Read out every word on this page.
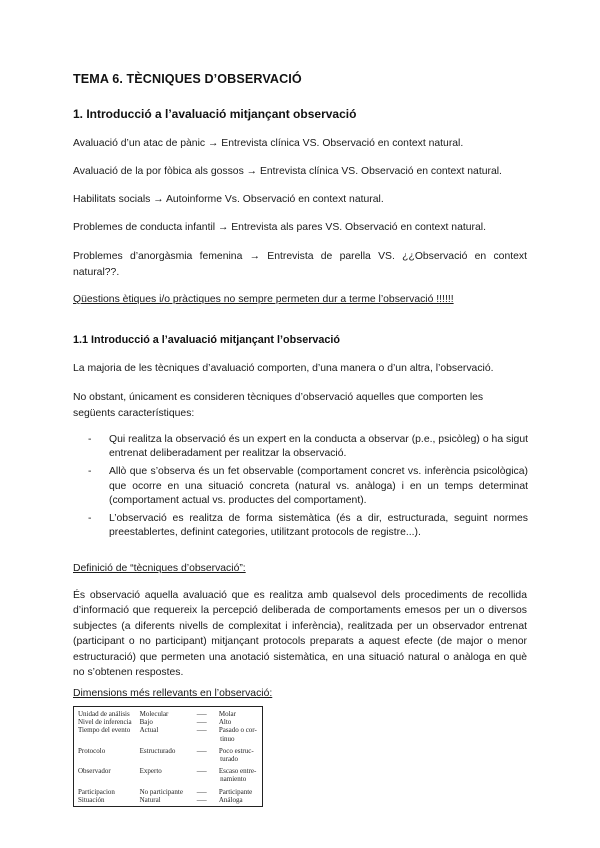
TEMA 6. TÈCNIQUES D’OBSERVACIÓ
1. Introducció a l’avaluació mitjançant observació

Avaluació d’un atac de pànic → Entrevista clínica VS. Observació en context natural.

Avaluació de la por fòbica als gossos → Entrevista clínica VS. Observació en context natural.

Habilitats socials → Autoinforme Vs. Observació en context natural.

Problemes de conducta infantil → Entrevista als pares VS. Observació en context natural.

Problemes d’anorgàsmia femenina → Entrevista de parella VS. ¿¿Observació en context natural??.

Qüestions ètiques i/o pràctiques no sempre permeten dur a terme l’observació !!!!!!

1.1 Introducció a l’avaluació mitjançant l’observació

La majoria de les tècniques d’avaluació comporten, d’una manera o d’un altra, l’observació.

No obstant, únicament es consideren tècniques d’observació aquelles que comporten les següents característiques:

- Qui realitza la observació és un expert en la conducta a observar (p.e., psicòleg) o ha sigut entrenat deliberadament per realitzar la observació.
- Allò que s’observa és un fet observable (comportament concret vs. inferència psicològica) que ocorre en una situació concreta (natural vs. anàloga) i en un temps determinat (comportament actual vs. productes del comportament).
- L’observació es realitza de forma sistemàtica (és a dir, estructurada, seguint normes preestablertes, definint categories, utilitzant protocols de registre...).

Definició de “tècniques d’observació”:

És observació aquella avaluació que es realitza amb qualsevol dels procediments de recollida d’informació que requereix la percepció deliberada de comportaments emesos per un o diversos subjectes (a diferents nivells de complexitat i inferència), realitzada per un observador entrenat (participant o no participant) mitjançant protocols preparats a aquest efecte (de major o menor estructuració) que permeten una anotació sistemàtica, en una situació natural o anàloga en què no s’obtenen respostes.

Dimensions més rellevants en l’observació:

Unidad de análisis	Molecular	..........	Molar
Nivel de inferencia	Bajo	..........	Alto
Tiempo del evento	Actual	..........	Pasado o cor-
tinuo
Protocolo	Estructurado	..........	Poco estruc-
turado
Observador	Experto	..........	Escaso entre-
namiento
Participacion	No participante	..........	Participante
Situación	Natural	..........	Análoga
